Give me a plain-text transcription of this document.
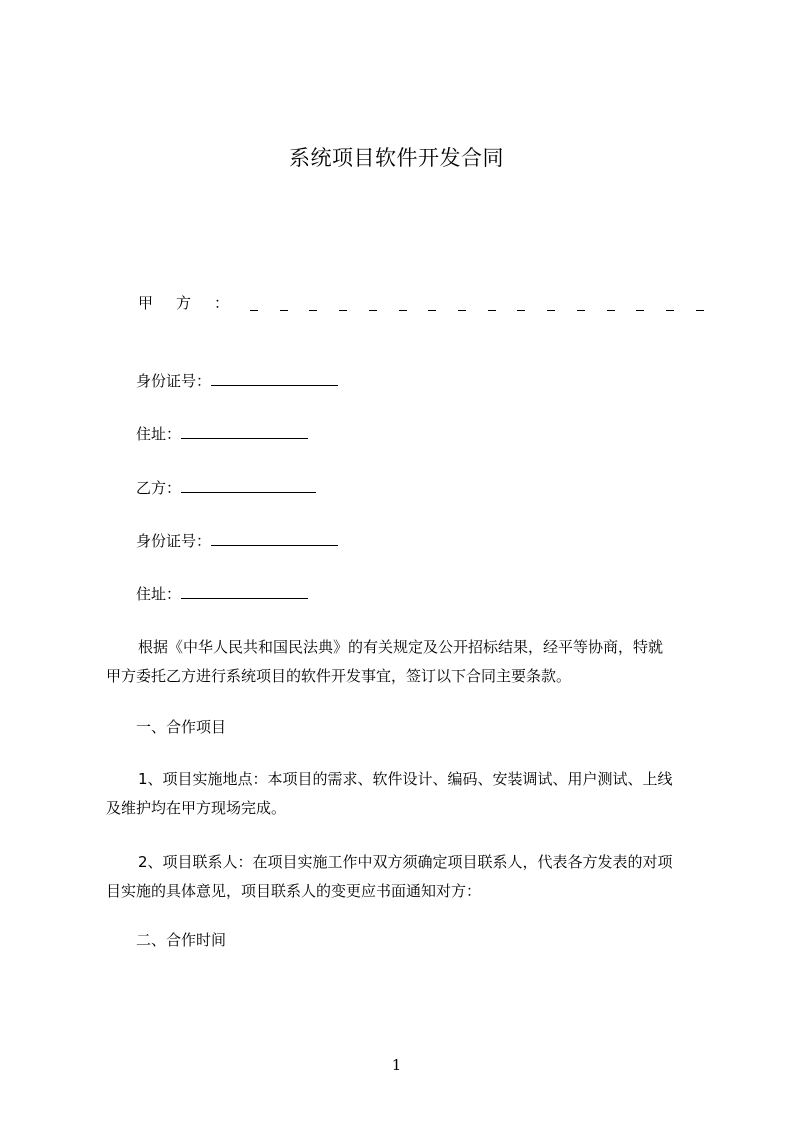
系统项目软件开发合同
甲 方 ：
身份证号：
住址：
乙方：
身份证号：
住址：
根据《中华人民共和国民法典》的有关规定及公开招标结果，经平等协商，特就
甲方委托乙方进行系统项目的软件开发事宜，签订以下合同主要条款。
一、合作项目
1、项目实施地点：本项目的需求、软件设计、编码、安装调试、用户测试、上线
及维护均在甲方现场完成。
2、项目联系人：在项目实施工作中双方须确定项目联系人，代表各方发表的对项
目实施的具体意见，项目联系人的变更应书面通知对方：
二、合作时间
1
